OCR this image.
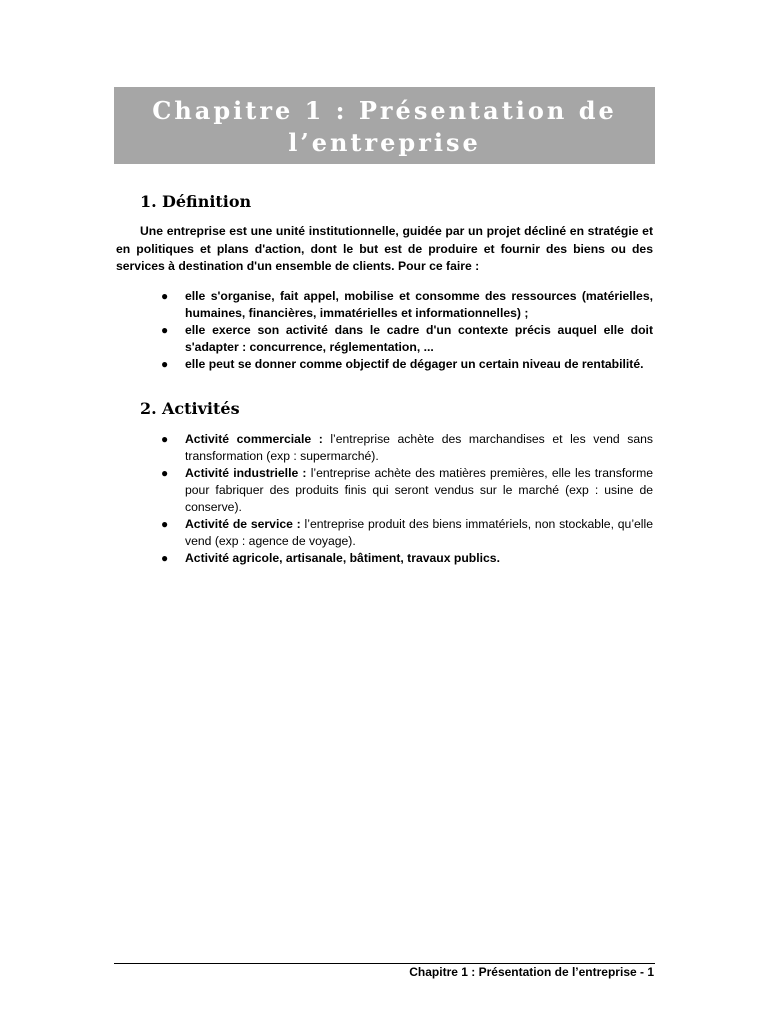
Chapitre 1 : Présentation de
l’entreprise
1. Définition
Une entreprise est une unité institutionnelle, guidée par un projet décliné en stratégie et en politiques et plans d'action, dont le but est de produire et fournir des biens ou des services à destination d'un ensemble de clients. Pour ce faire :
● elle s'organise, fait appel, mobilise et consomme des ressources (matérielles, humaines, financières, immatérielles et informationnelles) ;
● elle exerce son activité dans le cadre d'un contexte précis auquel elle doit s'adapter : concurrence, réglementation, ...
● elle peut se donner comme objectif de dégager un certain niveau de rentabilité.
2. Activités
● Activité commerciale : l’entreprise achète des marchandises et les vend sans transformation (exp : supermarché).
● Activité industrielle : l’entreprise achète des matières premières, elle les transforme pour fabriquer des produits finis qui seront vendus sur le marché (exp : usine de conserve).
● Activité de service : l’entreprise produit des biens immatériels, non stockable, qu’elle vend (exp : agence de voyage).
● Activité agricole, artisanale, bâtiment, travaux publics.
Chapitre 1 : Présentation de l’entreprise - 1
